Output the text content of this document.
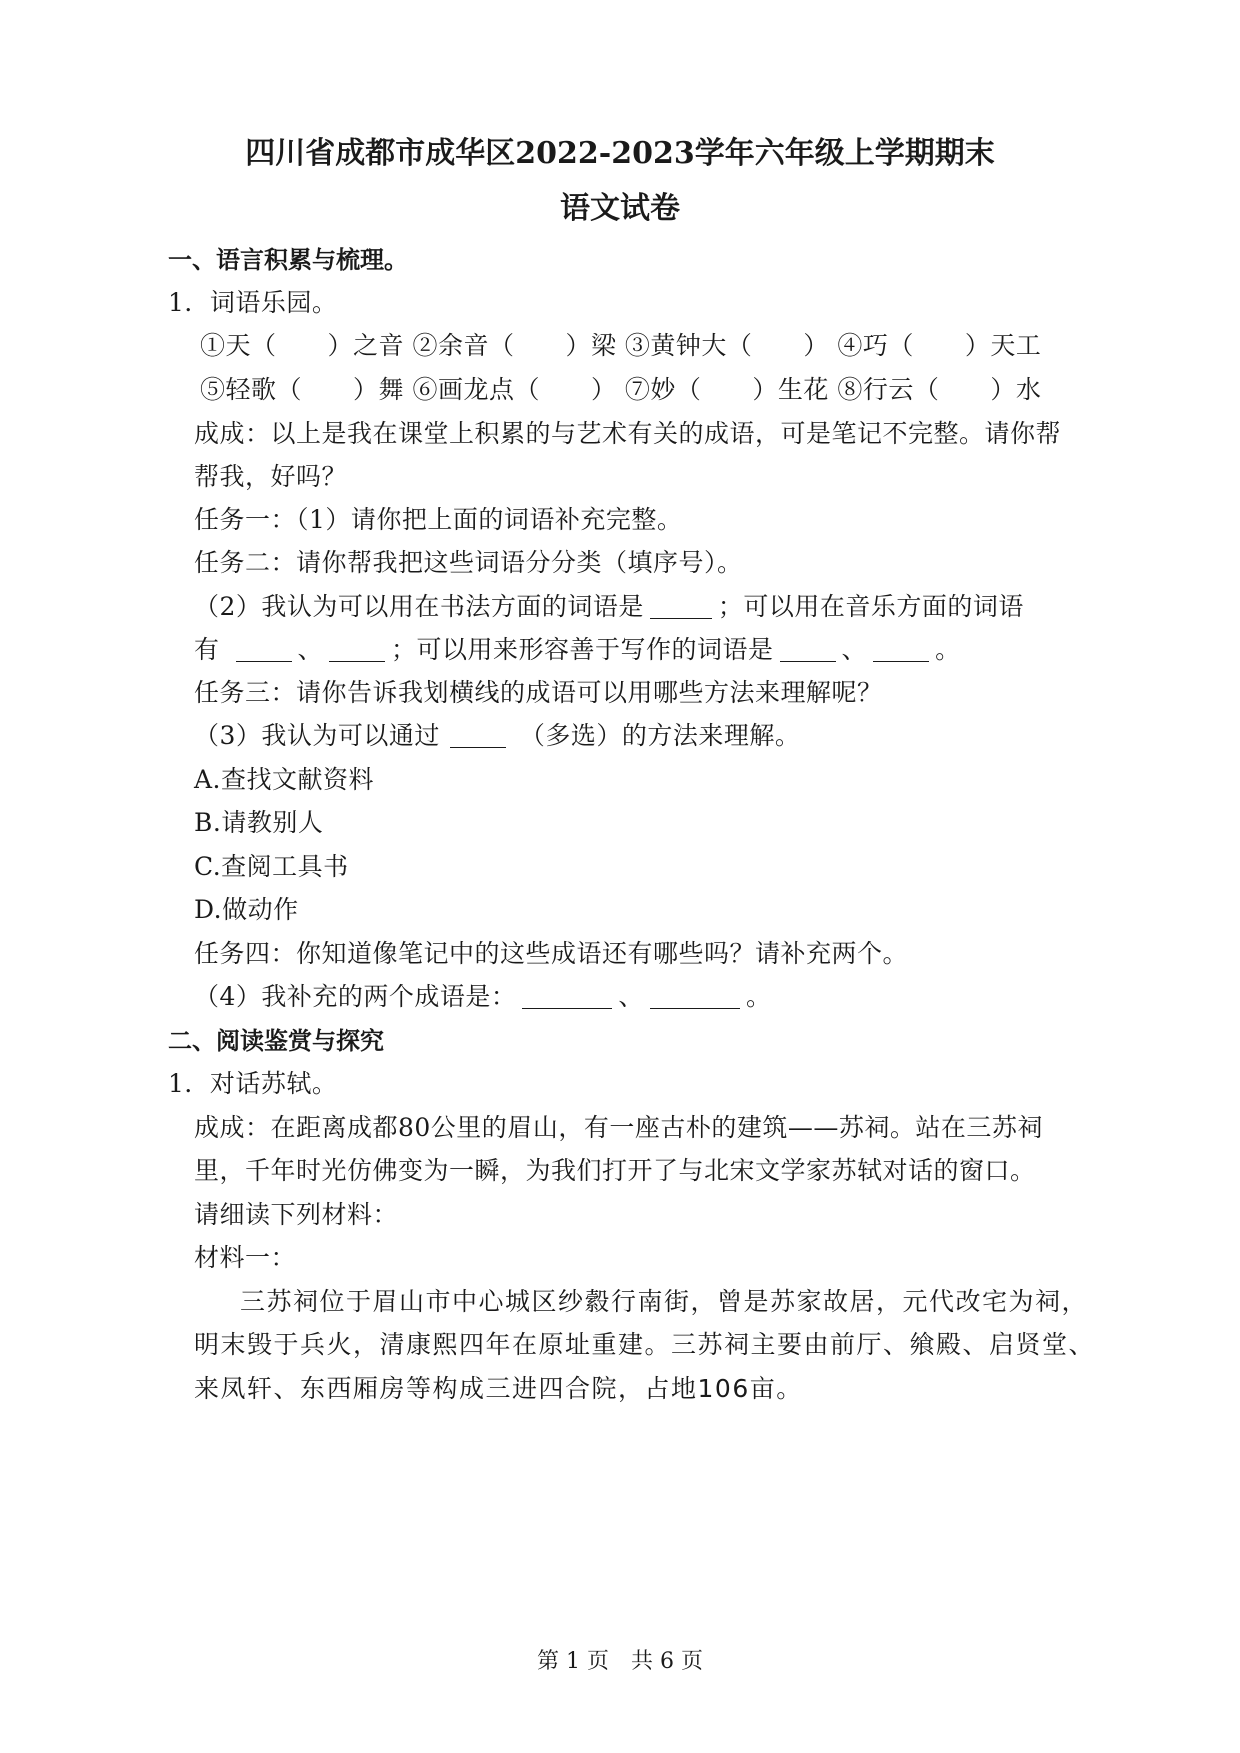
四川省成都市成华区2022-2023学年六年级上学期期末
语文试卷
一、语言积累与梳理。
1．词语乐园。
①天（　　）之音 ②余音（　　）梁 ③黄钟大（　　） ④巧（　　）天工
⑤轻歌（　　）舞 ⑥画龙点（　　） ⑦妙（　　）生花 ⑧行云（　　）水
成成：以上是我在课堂上积累的与艺术有关的成语，可是笔记不完整。请你帮
帮我，好吗？
任务一：（1）请你把上面的词语补充完整。
任务二：请你帮我把这些词语分分类（填序号）。
（2）我认为可以用在书法方面的词语是	；可以用在音乐方面的词语
有	、	；可以用来形容善于写作的词语是	、	。
任务三：请你告诉我划横线的成语可以用哪些方法来理解呢？
（3）我认为可以通过	（多选）的方法来理解。
A.查找文献资料
B.请教别人
C.查阅工具书
D.做动作
任务四：你知道像笔记中的这些成语还有哪些吗？请补充两个。
（4）我补充的两个成语是：	、	。
二、阅读鉴赏与探究
1．对话苏轼。
成成：在距离成都80公里的眉山，有一座古朴的建筑——苏祠。站在三苏祠
里，千年时光仿佛变为一瞬，为我们打开了与北宋文学家苏轼对话的窗口。
请细读下列材料：
材料一：
三苏祠位于眉山市中心城区纱縠行南街，曾是苏家故居，元代改宅为祠，
明末毁于兵火，清康熙四年在原址重建。三苏祠主要由前厅、飨殿、启贤堂、
来凤轩、东西厢房等构成三进四合院，占地106亩。
第 1 页　共 6 页
